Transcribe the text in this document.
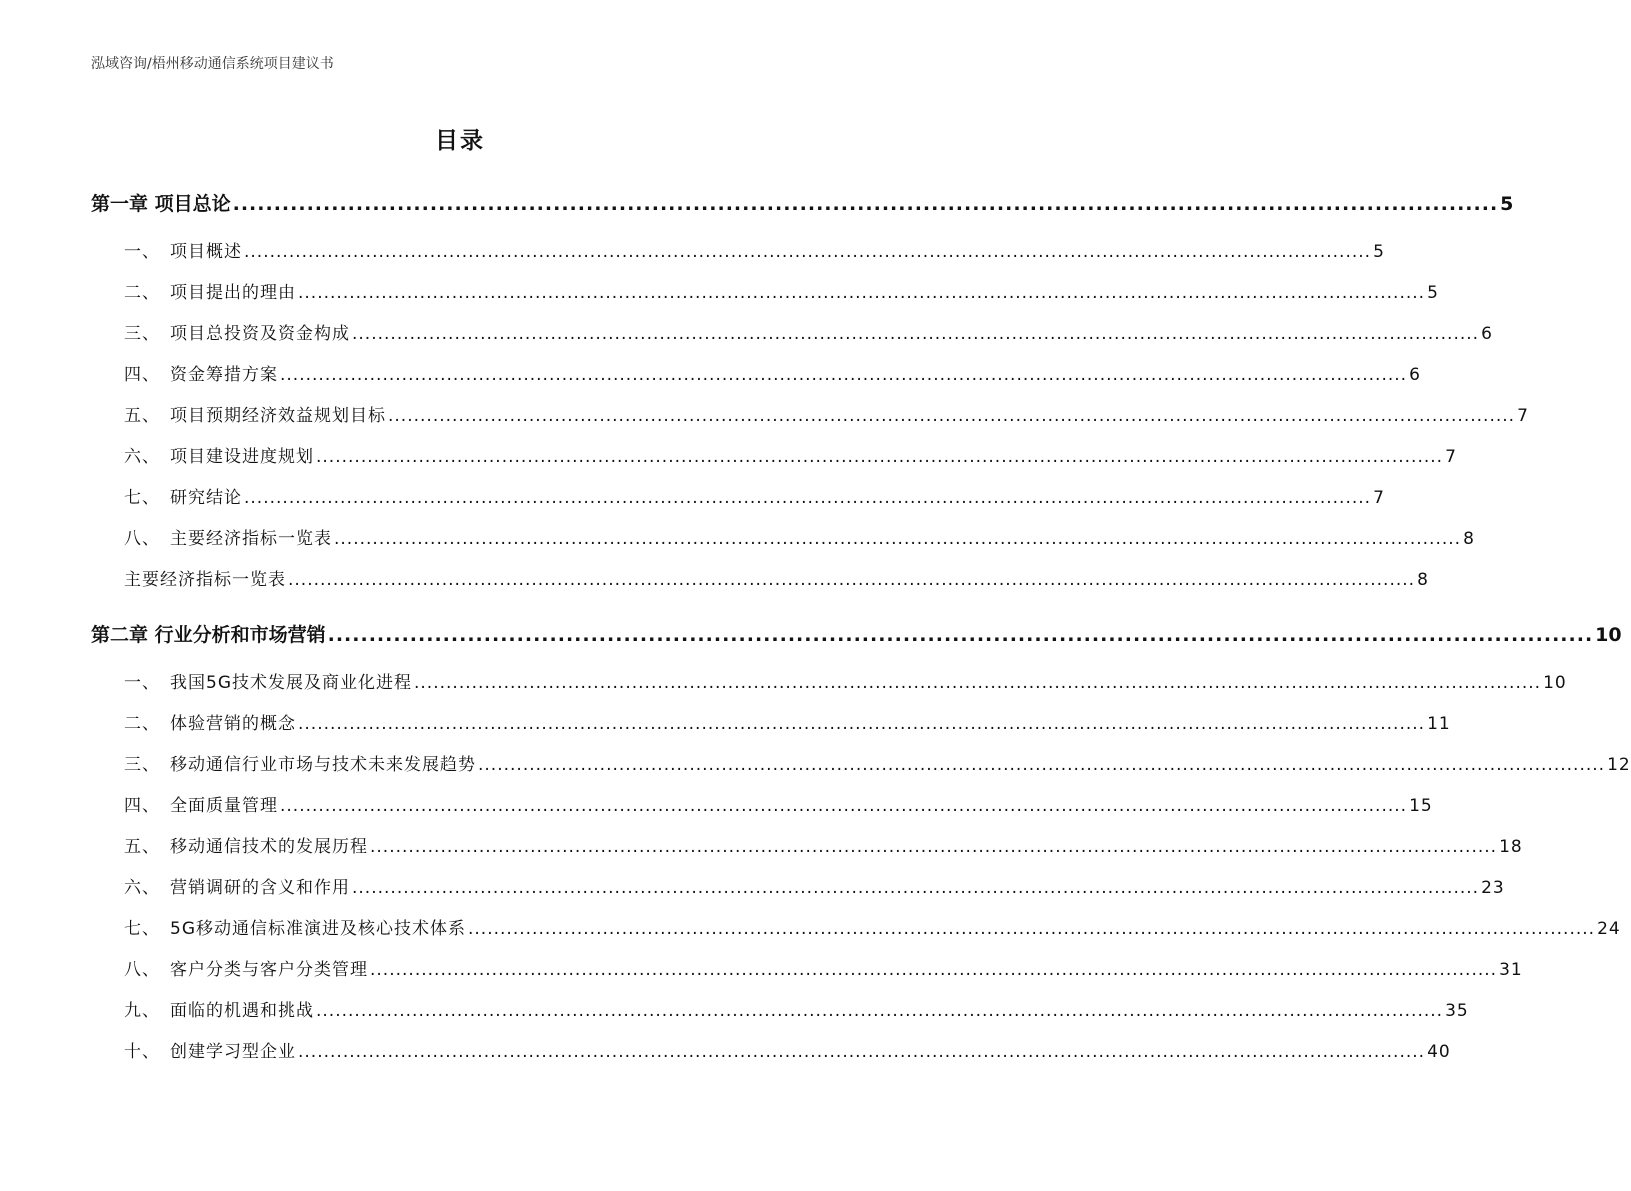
泓域咨询/梧州移动通信系统项目建议书
目录
第一章 项目总论 .......................................................................................................................................................... 5
一、 项目概述 ................................................................................................................................................................................ 5
二、 项目提出的理由 ................................................................................................................................................................................ 5
三、 项目总投资及资金构成 ................................................................................................................................................................................ 6
四、 资金筹措方案 ................................................................................................................................................................................ 6
五、 项目预期经济效益规划目标 ................................................................................................................................................................................ 7
六、 项目建设进度规划 ................................................................................................................................................................................ 7
七、 研究结论 ................................................................................................................................................................................ 7
八、 主要经济指标一览表 ................................................................................................................................................................................ 8
主要经济指标一览表 ................................................................................................................................................................................ 8
第二章 行业分析和市场营销 .......................................................................................................................................................... 10
一、 我国5G技术发展及商业化进程 ................................................................................................................................................................................ 10
二、 体验营销的概念 ................................................................................................................................................................................ 11
三、 移动通信行业市场与技术未来发展趋势 ................................................................................................................................................................................ 12
四、 全面质量管理 ................................................................................................................................................................................ 15
五、 移动通信技术的发展历程 ................................................................................................................................................................................ 18
六、 营销调研的含义和作用 ................................................................................................................................................................................ 23
七、 5G移动通信标准演进及核心技术体系 ................................................................................................................................................................................ 24
八、 客户分类与客户分类管理 ................................................................................................................................................................................ 31
九、 面临的机遇和挑战 ................................................................................................................................................................................ 35
十、 创建学习型企业 ................................................................................................................................................................................ 40
